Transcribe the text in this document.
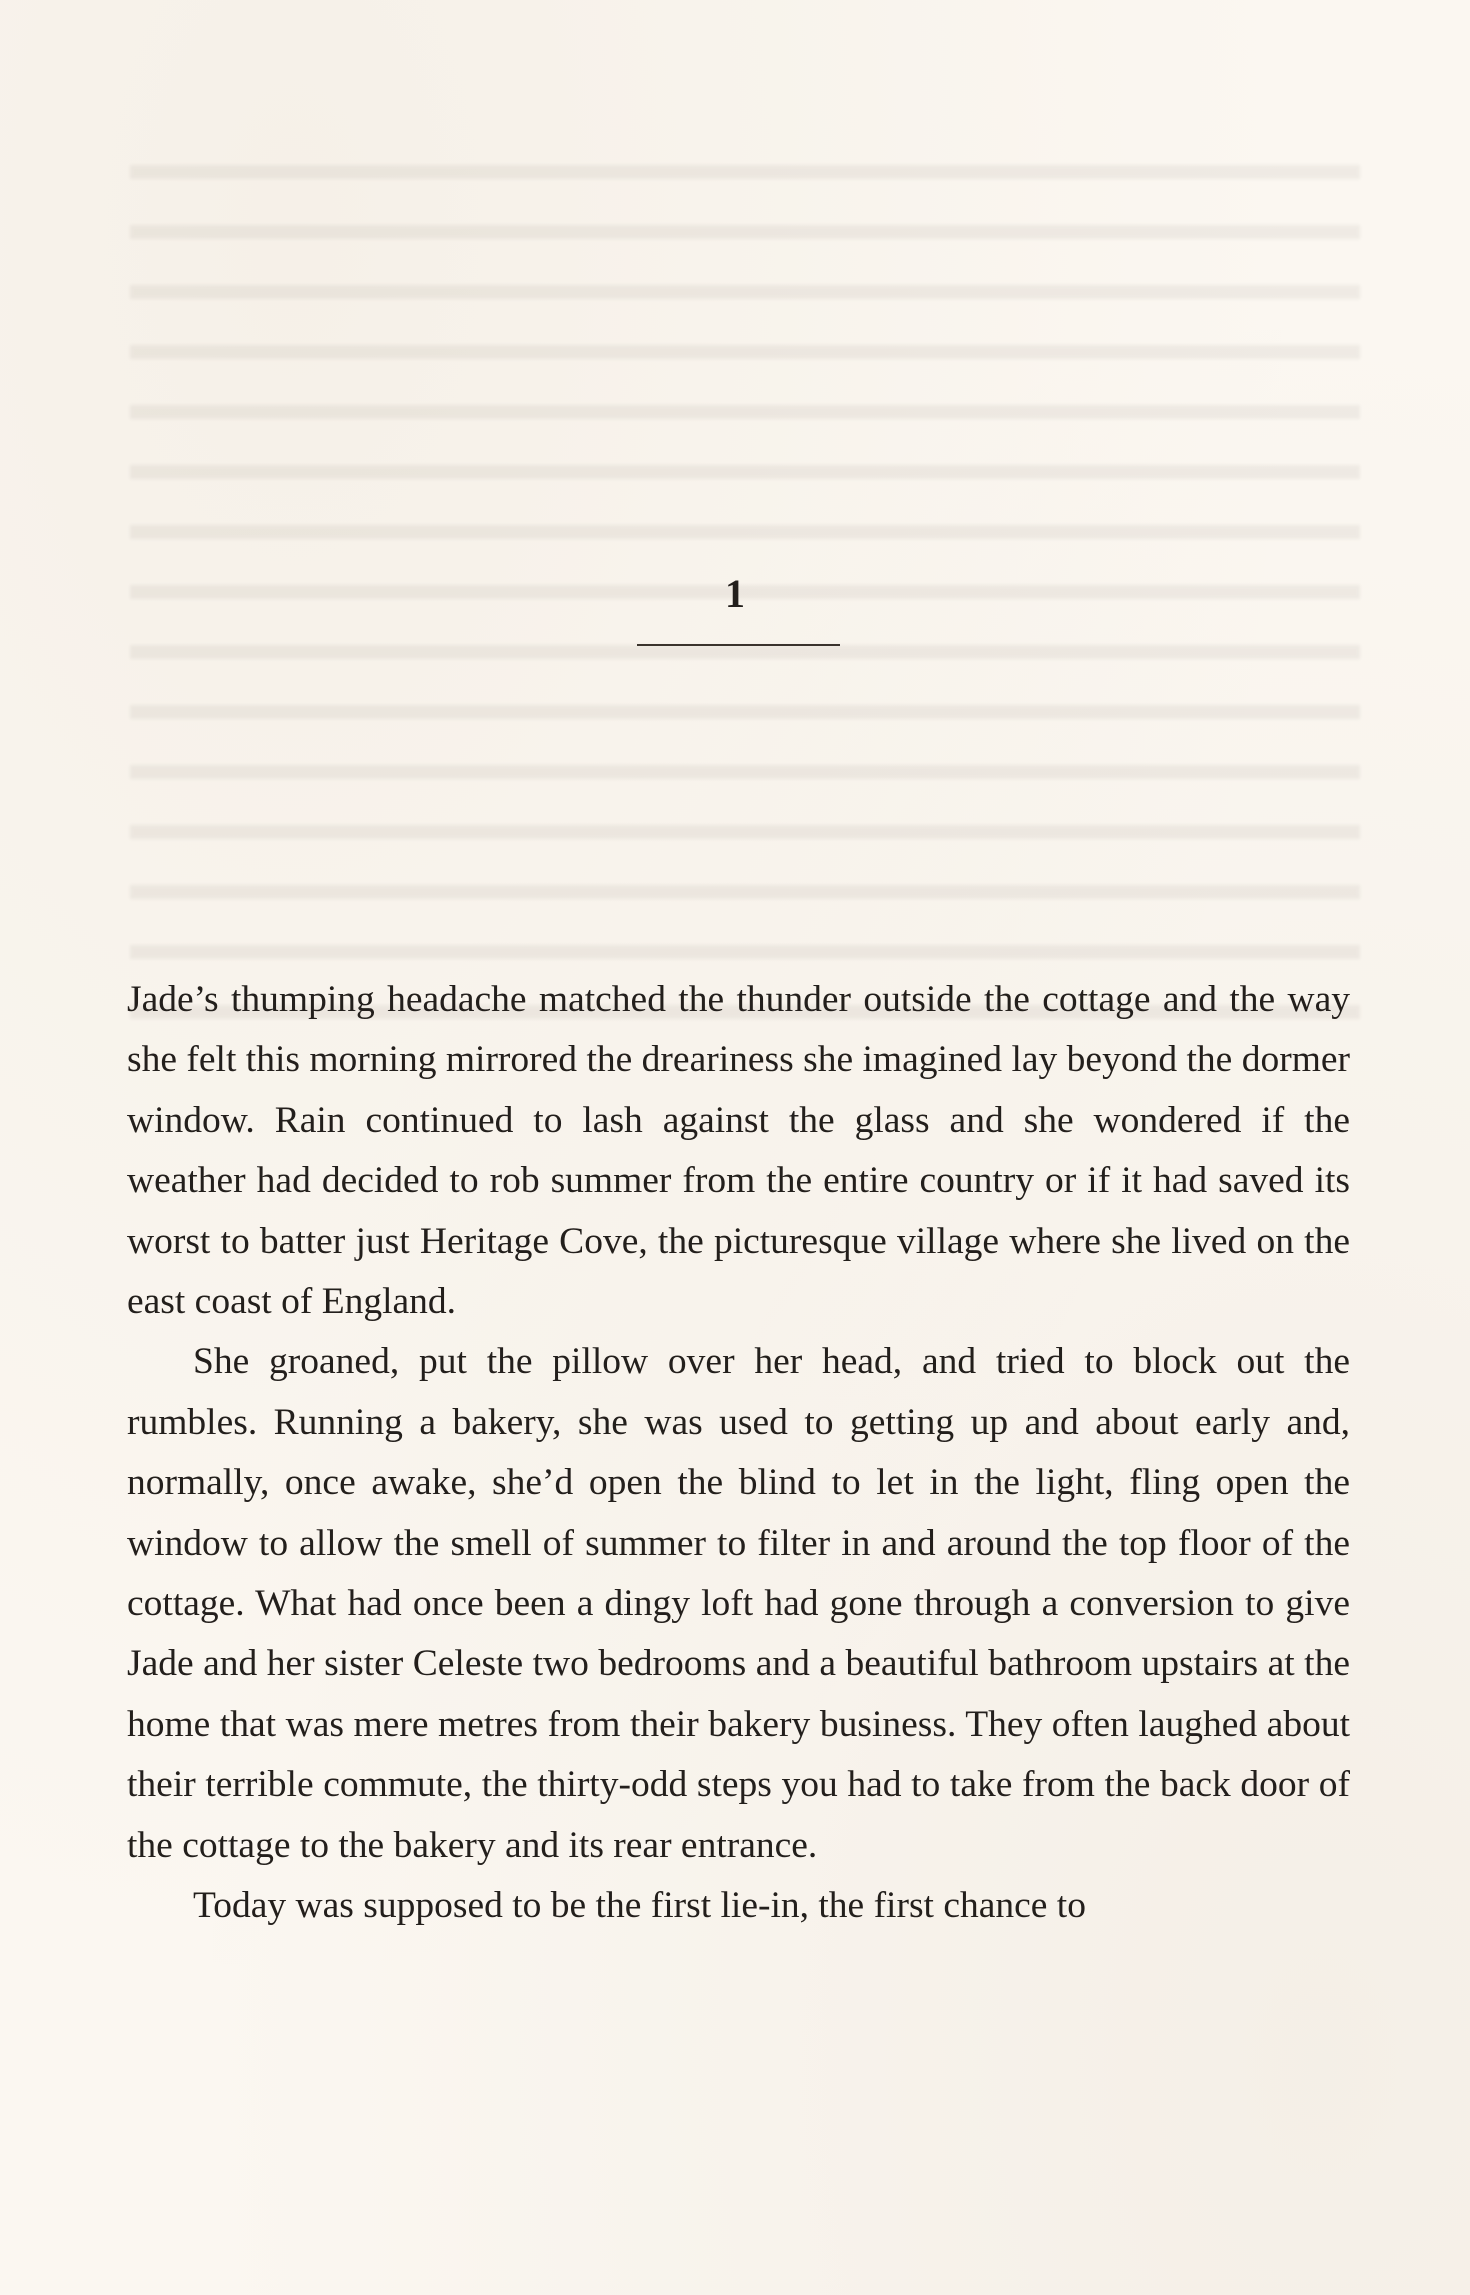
1

Jade’s thumping headache matched the thunder outside the cottage and the way she felt this morning mirrored the dreariness she imagined lay beyond the dormer window. Rain continued to lash against the glass and she wondered if the weather had decided to rob summer from the entire country or if it had saved its worst to batter just Heritage Cove, the picturesque village where she lived on the east coast of England.

She groaned, put the pillow over her head, and tried to block out the rumbles. Running a bakery, she was used to getting up and about early and, normally, once awake, she’d open the blind to let in the light, fling open the window to allow the smell of summer to filter in and around the top floor of the cottage. What had once been a dingy loft had gone through a conversion to give Jade and her sister Celeste two bedrooms and a beautiful bathroom upstairs at the home that was mere metres from their bakery business. They often laughed about their terrible commute, the thirty-odd steps you had to take from the back door of the cottage to the bakery and its rear entrance.

Today was supposed to be the first lie-in, the first chance to
